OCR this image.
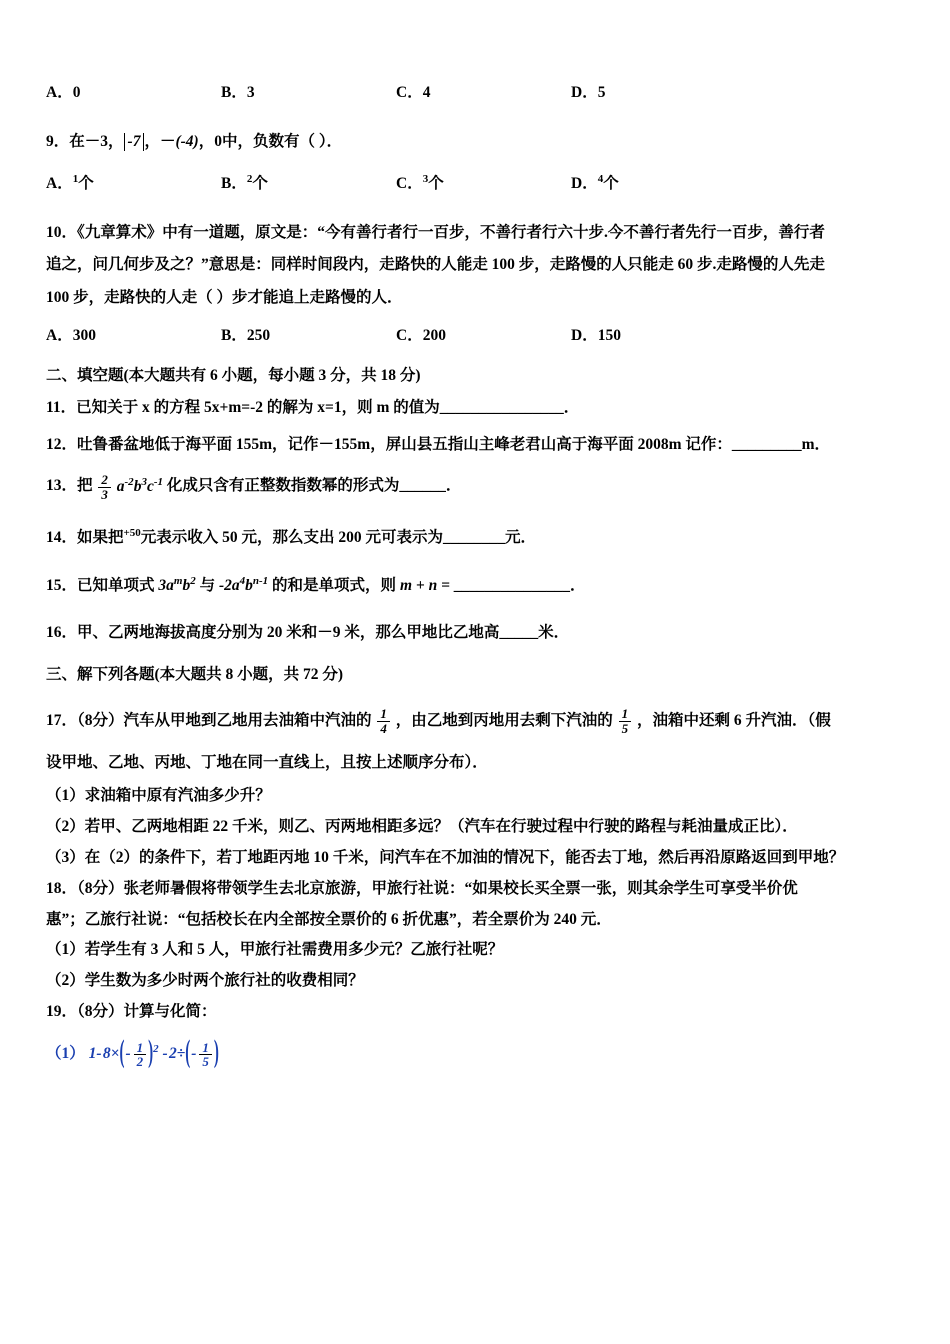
A．0	B．3	C．4	D．5
9．在－3， -7 ，－(-4)，0中，负数有（ ）．
A．$^1$个	B．$^2$个	C．$^3$个	D．$^4$个
10．《九章算术》中有一道题，原文是：“今有善行者行一百步，不善行者行六十步.今不善行者先行一百步，善行者
追之，问几何步及之？”意思是：同样时间段内，走路快的人能走 100 步，走路慢的人只能走 60 步.走路慢的人先走
100 步，走路快的人走（ ）步才能追上走路慢的人．
A．300	B．250	C．200	D．150
二、填空题(本大题共有 6 小题，每小题 3 分，共 18 分)
11．已知关于 x 的方程 5x+m=-2 的解为 x=1，则 m 的值为________________．
12．吐鲁番盆地低于海平面 155m，记作－155m，屏山县五指山主峰老君山高于海平面 2008m 记作：_________m．
13．把 $\frac{2}{3} a^{-2}b^3c^{-1}$ 化成只含有正整数指数幂的形式为______．
14．如果把$^{+50}$元表示收入 50 元，那么支出 200 元可表示为________元．
15．已知单项式 $3a^mb^2$ 与 $-2a^4b^{n-1}$ 的和是单项式，则 m + n = _______________．
16．甲、乙两地海拔高度分别为 20 米和－9 米，那么甲地比乙地高_____米．
三、解下列各题(本大题共 8 小题，共 72 分)
17．（8分）汽车从甲地到乙地用去油箱中汽油的 $\frac{1}{4}$ ，由乙地到丙地用去剩下汽油的 $\frac{1}{5}$ ，油箱中还剩 6 升汽油．（假
设甲地、乙地、丙地、丁地在同一直线上，且按上述顺序分布）．
（1）求油箱中原有汽油多少升？
（2）若甲、乙两地相距 22 千米，则乙、丙两地相距多远？（汽车在行驶过程中行驶的路程与耗油量成正比）．
（3）在（2）的条件下，若丁地距丙地 10 千米，问汽车在不加油的情况下，能否去丁地，然后再沿原路返回到甲地？
18．（8分）张老师暑假将带领学生去北京旅游，甲旅行社说：“如果校长买全票一张，则其余学生可享受半价优
惠”；乙旅行社说：“包括校长在内全部按全票价的 6 折优惠”，若全票价为 240 元．
（1）若学生有 3 人和 5 人，甲旅行社需费用多少元？乙旅行社呢？
（2）学生数为多少时两个旅行社的收费相同？
19．（8分）计算与化简：
（1） 1- $8\times(- \frac{1}{2} )^2$ - $2\div(- \frac{1}{5}$ )
